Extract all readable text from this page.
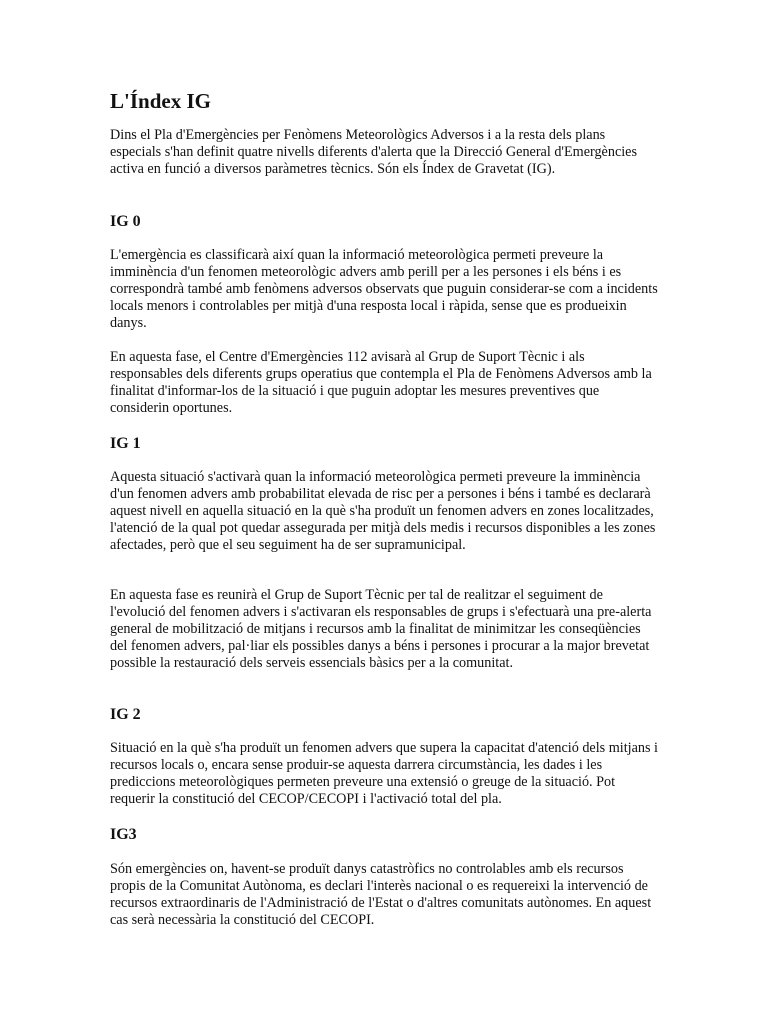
L'Índex IG

Dins el Pla d'Emergències per Fenòmens Meteorològics Adversos i a la resta dels plans especials s'han definit quatre nivells diferents d'alerta que la Direcció General d'Emergències activa en funció a diversos paràmetres tècnics. Són els Índex de Gravetat (IG).

IG 0

L'emergència es classificarà així quan la informació meteorològica permeti preveure la imminència d'un fenomen meteorològic advers amb perill per a les persones i els béns i es correspondrà també amb fenòmens adversos observats que puguin considerar-se com a incidents locals menors i controlables per mitjà d'una resposta local i ràpida, sense que es produeixin danys.

En aquesta fase, el Centre d'Emergències 112 avisarà al Grup de Suport Tècnic i als responsables dels diferents grups operatius que contempla el Pla de Fenòmens Adversos amb la finalitat d'informar-los de la situació i que puguin adoptar les mesures preventives que considerin oportunes.

IG 1

Aquesta situació s'activarà quan la informació meteorològica permeti preveure la imminència d'un fenomen advers amb probabilitat elevada de risc per a persones i béns i també es declararà aquest nivell en aquella situació en la què s'ha produït un fenomen advers en zones localitzades, l'atenció de la qual pot quedar assegurada per mitjà dels medis i recursos disponibles a les zones afectades, però que el seu seguiment ha de ser supramunicipal.

En aquesta fase es reunirà el Grup de Suport Tècnic per tal de realitzar el seguiment de l'evolució del fenomen advers i s'activaran els responsables de grups i s'efectuarà una pre-alerta general de mobilització de mitjans i recursos amb la finalitat de minimitzar les conseqüències del fenomen advers, pal·liar els possibles danys a béns i persones i procurar a la major brevetat possible la restauració dels serveis essencials bàsics per a la comunitat.

IG 2

Situació en la què s'ha produït un fenomen advers que supera la capacitat d'atenció dels mitjans i recursos locals o, encara sense produir-se aquesta darrera circumstància, les dades i les prediccions meteorològiques permeten preveure una extensió o greuge de la situació. Pot requerir la constitució del CECOP/CECOPI i l'activació total del pla.

IG3

Són emergències on, havent-se produït danys catastròfics no controlables amb els recursos propis de la Comunitat Autònoma, es declari l'interès nacional o es requereixi la intervenció de recursos extraordinaris de l'Administració de l'Estat o d'altres comunitats autònomes. En aquest cas serà necessària la constitució del CECOPI.
